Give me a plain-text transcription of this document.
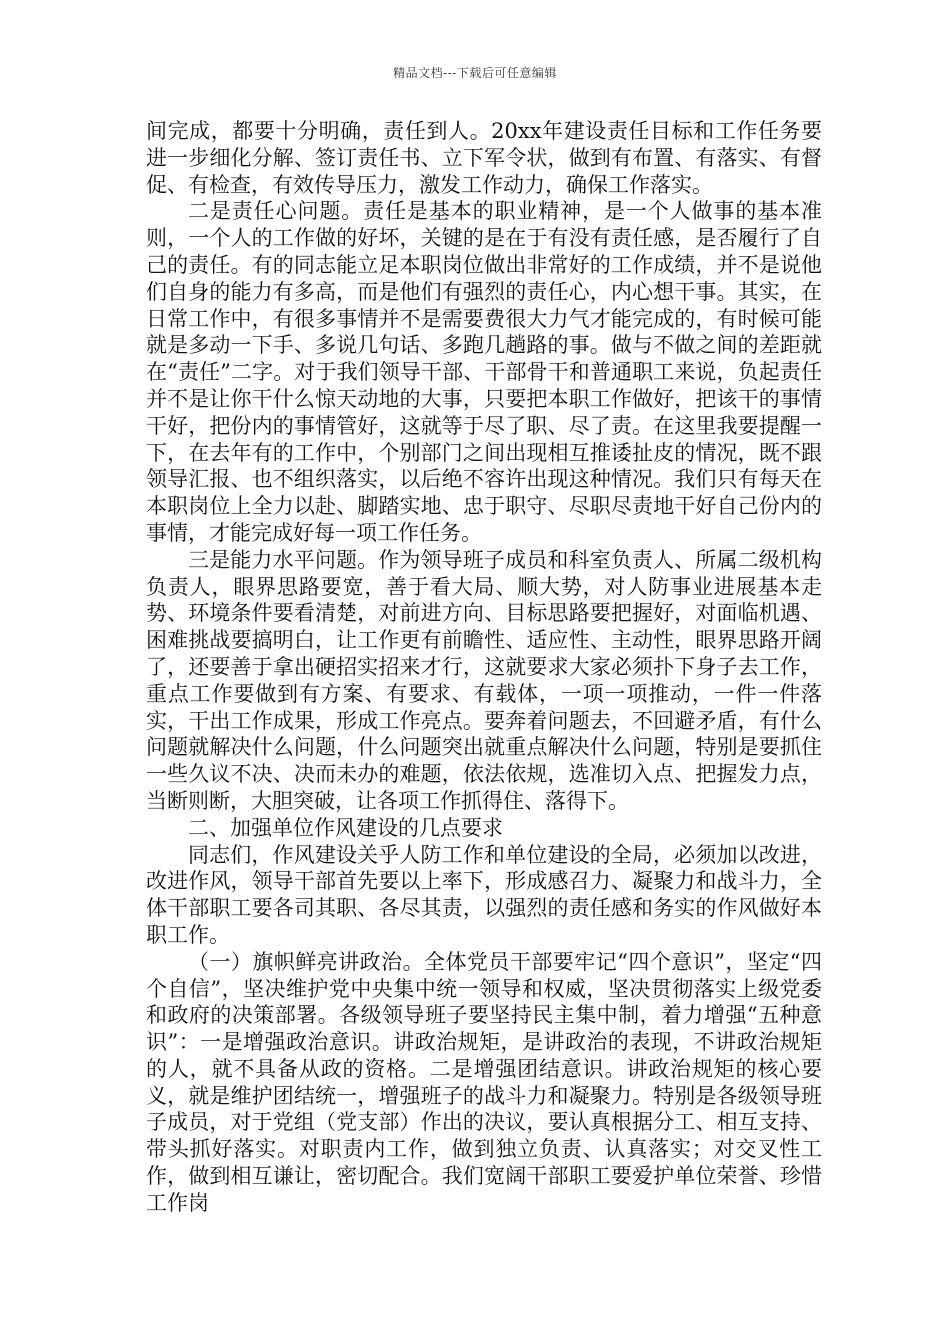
精品文档---下载后可任意编辑

间完成，都要十分明确，责任到人。20xx年建设责任目标和工作任务要进一步细化分解、签订责任书、立下军令状，做到有布置、有落实、有督促、有检查，有效传导压力，激发工作动力，确保工作落实。

二是责任心问题。责任是基本的职业精神，是一个人做事的基本准则，一个人的工作做的好坏，关键的是在于有没有责任感，是否履行了自己的责任。有的同志能立足本职岗位做出非常好的工作成绩，并不是说他们自身的能力有多高，而是他们有强烈的责任心，内心想干事。其实，在日常工作中，有很多事情并不是需要费很大力气才能完成的，有时候可能就是多动一下手、多说几句话、多跑几趟路的事。做与不做之间的差距就在“责任”二字。对于我们领导干部、干部骨干和普通职工来说，负起责任并不是让你干什么惊天动地的大事，只要把本职工作做好，把该干的事情干好，把份内的事情管好，这就等于尽了职、尽了责。在这里我要提醒一下，在去年有的工作中，个别部门之间出现相互推诿扯皮的情况，既不跟领导汇报、也不组织落实，以后绝不容许出现这种情况。我们只有每天在本职岗位上全力以赴、脚踏实地、忠于职守、尽职尽责地干好自己份内的事情，才能完成好每一项工作任务。

三是能力水平问题。作为领导班子成员和科室负责人、所属二级机构负责人，眼界思路要宽，善于看大局、顺大势，对人防事业进展基本走势、环境条件要看清楚，对前进方向、目标思路要把握好，对面临机遇、困难挑战要搞明白，让工作更有前瞻性、适应性、主动性，眼界思路开阔了，还要善于拿出硬招实招来才行，这就要求大家必须扑下身子去工作，重点工作要做到有方案、有要求、有载体，一项一项推动，一件一件落实，干出工作成果，形成工作亮点。要奔着问题去，不回避矛盾，有什么问题就解决什么问题，什么问题突出就重点解决什么问题，特别是要抓住一些久议不决、决而未办的难题，依法依规，选准切入点、把握发力点，当断则断，大胆突破，让各项工作抓得住、落得下。

二、加强单位作风建设的几点要求

同志们，作风建设关乎人防工作和单位建设的全局，必须加以改进，改进作风，领导干部首先要以上率下，形成感召力、凝聚力和战斗力，全体干部职工要各司其职、各尽其责，以强烈的责任感和务实的作风做好本职工作。

（一）旗帜鲜亮讲政治。全体党员干部要牢记“四个意识”，坚定“四个自信”，坚决维护党中央集中统一领导和权威，坚决贯彻落实上级党委和政府的决策部署。各级领导班子要坚持民主集中制，着力增强“五种意识”：一是增强政治意识。讲政治规矩，是讲政治的表现，不讲政治规矩的人，就不具备从政的资格。二是增强团结意识。讲政治规矩的核心要义，就是维护团结统一，增强班子的战斗力和凝聚力。特别是各级领导班子成员，对于党组（党支部）作出的决议，要认真根据分工、相互支持、带头抓好落实。对职责内工作，做到独立负责、认真落实；对交叉性工作，做到相互谦让，密切配合。我们宽阔干部职工要爱护单位荣誉、珍惜工作岗
